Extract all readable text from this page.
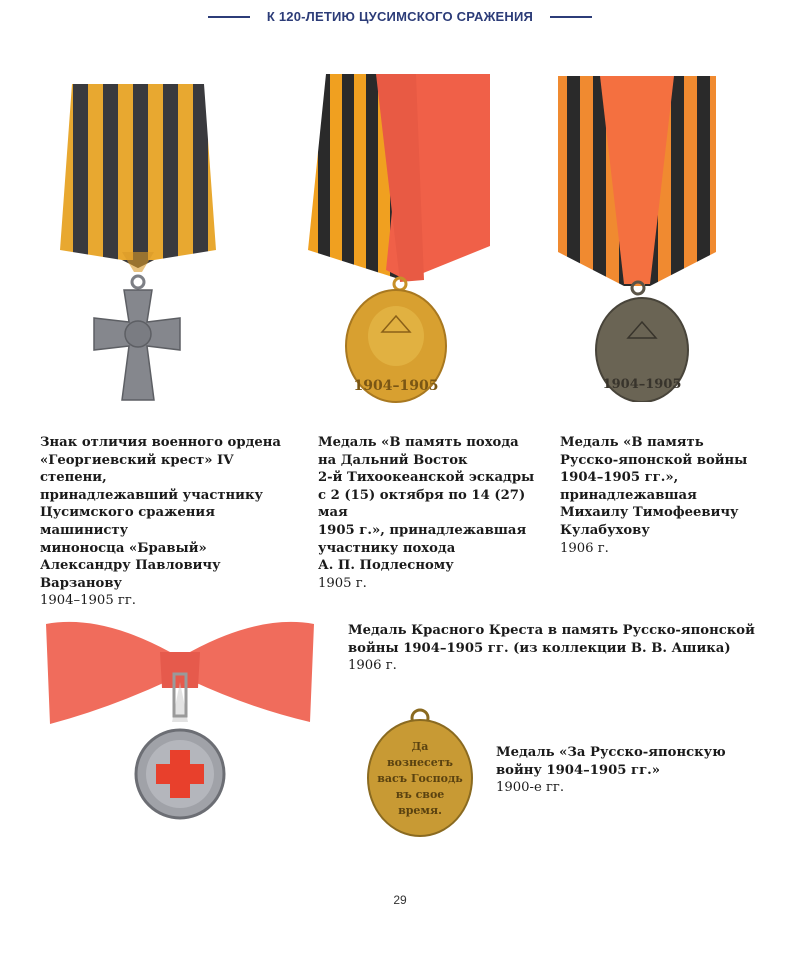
К 120-ЛЕТИЮ ЦУСИМСКОГО СРАЖЕНИЯ
1904–1905	1904–1905
Да
вознесетъ
васъ Господь
въ свое
время.
Знак отличия военного ордена
«Георгиевский крест» IV степени,
принадлежавший участнику
Цусимского сражения машинисту
миноносца «Бравый»
Александру Павловичу
Варзанову
1904–1905 гг.
Медаль «В память похода
на Дальний Восток
2-й Тихоокеанской эскадры
с 2 (15) октября по 14 (27) мая
1905 г.», принадлежавшая
участнику похода
А. П. Подлесному
1905 г.
Медаль «В память
Русско-японской войны
1904–1905 гг.»,
принадлежавшая
Михаилу Тимофеевичу
Кулабухову
1906 г.
Медаль Красного Креста в память Русско-японской
войны 1904–1905 гг. (из коллекции В. В. Ашика)
1906 г.
Медаль «За Русско-японскую
войну 1904–1905 гг.»
1900-е гг.
29
